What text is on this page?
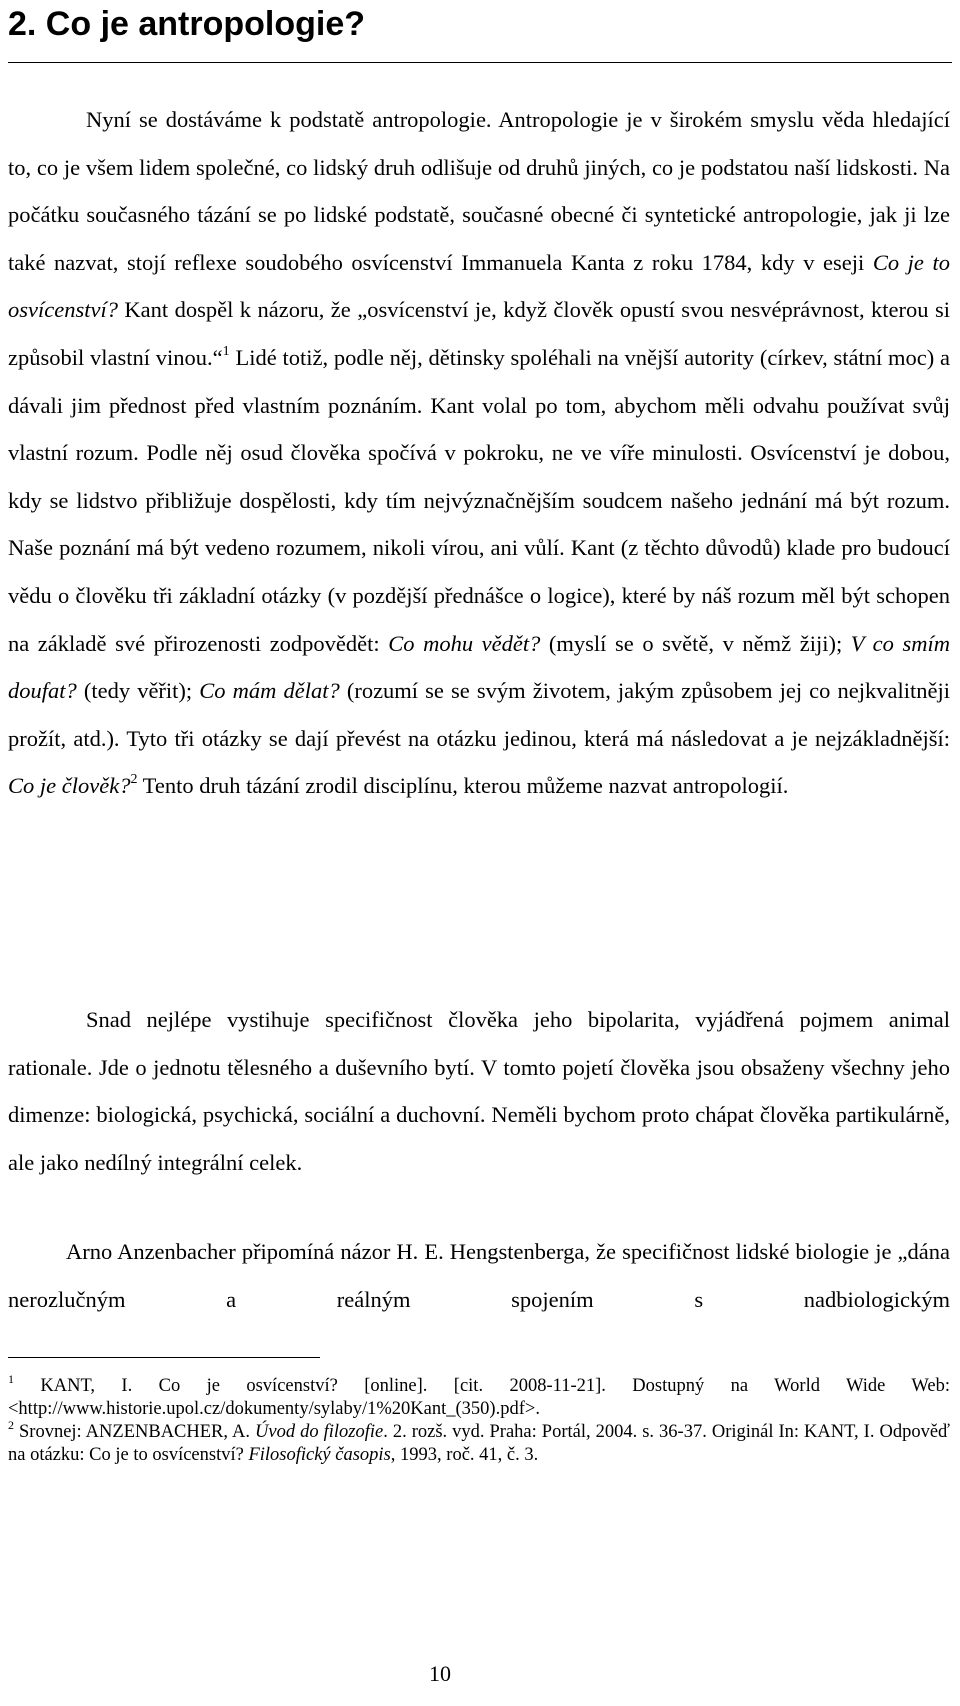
2. Co je antropologie?

Nyní se dostáváme k podstatě antropologie. Antropologie je v širokém smyslu věda hledající to, co je všem lidem společné, co lidský druh odlišuje od druhů jiných, co je podstatou naší lidskosti. Na počátku současného tázání se po lidské podstatě, současné obecné či syntetické antropologie, jak ji lze také nazvat, stojí reflexe soudobého osvícenství Immanuela Kanta z roku 1784, kdy v eseji Co je to osvícenství? Kant dospěl k názoru, že „osvícenství je, když člověk opustí svou nesvéprávnost, kterou si způsobil vlastní vinou.“$^1$ Lidé totiž, podle něj, dětinsky spoléhali na vnější autority (církev, státní moc) a dávali jim přednost před vlastním poznáním. Kant volal po tom, abychom měli odvahu používat svůj vlastní rozum. Podle něj osud člověka spočívá v pokroku, ne ve víře minulosti. Osvícenství je dobou, kdy se lidstvo přibližuje dospělosti, kdy tím nejvýznačnějším soudcem našeho jednání má být rozum. Naše poznání má být vedeno rozumem, nikoli vírou, ani vůlí. Kant (z těchto důvodů) klade pro budoucí vědu o člověku tři základní otázky (v pozdější přednášce o logice), které by náš rozum měl být schopen na základě své přirozenosti zodpovědět: Co mohu vědět? (myslí se o světě, v němž žiji); V co smím doufat? (tedy věřit); Co mám dělat? (rozumí se se svým životem, jakým způsobem jej co nejkvalitněji prožít, atd.). Tyto tři otázky se dají převést na otázku jedinou, která má následovat a je nejzákladnější: Co je člověk?$^2$ Tento druh tázání zrodil disciplínu, kterou můžeme nazvat antropologií.

Snad nejlépe vystihuje specifičnost člověka jeho bipolarita, vyjádřená pojmem animal rationale. Jde o jednotu tělesného a duševního bytí. V tomto pojetí člověka jsou obsaženy všechny jeho dimenze: biologická, psychická, sociální a duchovní. Neměli bychom proto chápat člověka partikulárně, ale jako nedílný integrální celek.

Arno Anzenbacher připomíná názor H. E. Hengstenberga, že specifičnost lidské biologie je „dána nerozlučným a reálným spojením s nadbiologickým

$^1$ KANT, I. Co je osvícenství? [online]. [cit. 2008-11-21]. Dostupný na World Wide Web: <http://www.historie.upol.cz/dokumenty/sylaby/1%20Kant_(350).pdf>.

$^2$ Srovnej: ANZENBACHER, A. Úvod do filozofie. 2. rozš. vyd. Praha: Portál, 2004. s. 36-37. Originál In: KANT, I. Odpověď na otázku: Co je to osvícenství? Filosofický časopis, 1993, roč. 41, č. 3.

10
